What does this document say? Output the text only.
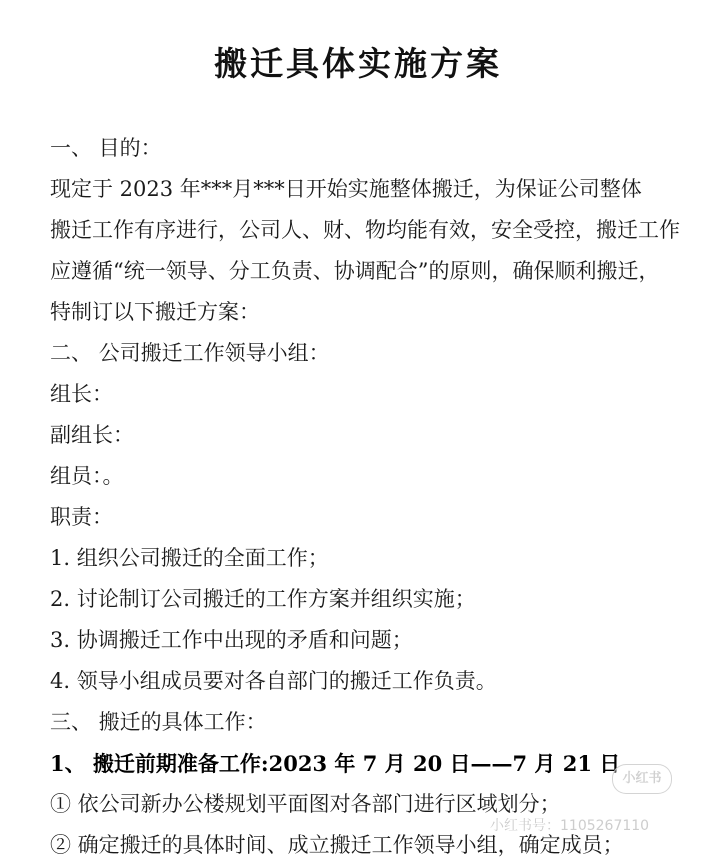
搬迁具体实施方案
一、 目的：
现定于 2023 年***月***日开始实施整体搬迁，为保证公司整体
搬迁工作有序进行，公司人、财、物均能有效，安全受控，搬迁工作
应遵循“统一领导、分工负责、协调配合”的原则，确保顺利搬迁，
特制订以下搬迁方案：
二、 公司搬迁工作领导小组：
组长：
副组长：
组员：。
职责：
1. 组织公司搬迁的全面工作；
2. 讨论制订公司搬迁的工作方案并组织实施；
3. 协调搬迁工作中出现的矛盾和问题；
4. 领导小组成员要对各自部门的搬迁工作负责。
三、 搬迁的具体工作：
1、 搬迁前期准备工作:2023 年 7 月 20 日——7 月 21 日
① 依公司新办公楼规划平面图对各部门进行区域划分；
② 确定搬迁的具体时间、成立搬迁工作领导小组，确定成员；
小红书
小红书号：1105267110
